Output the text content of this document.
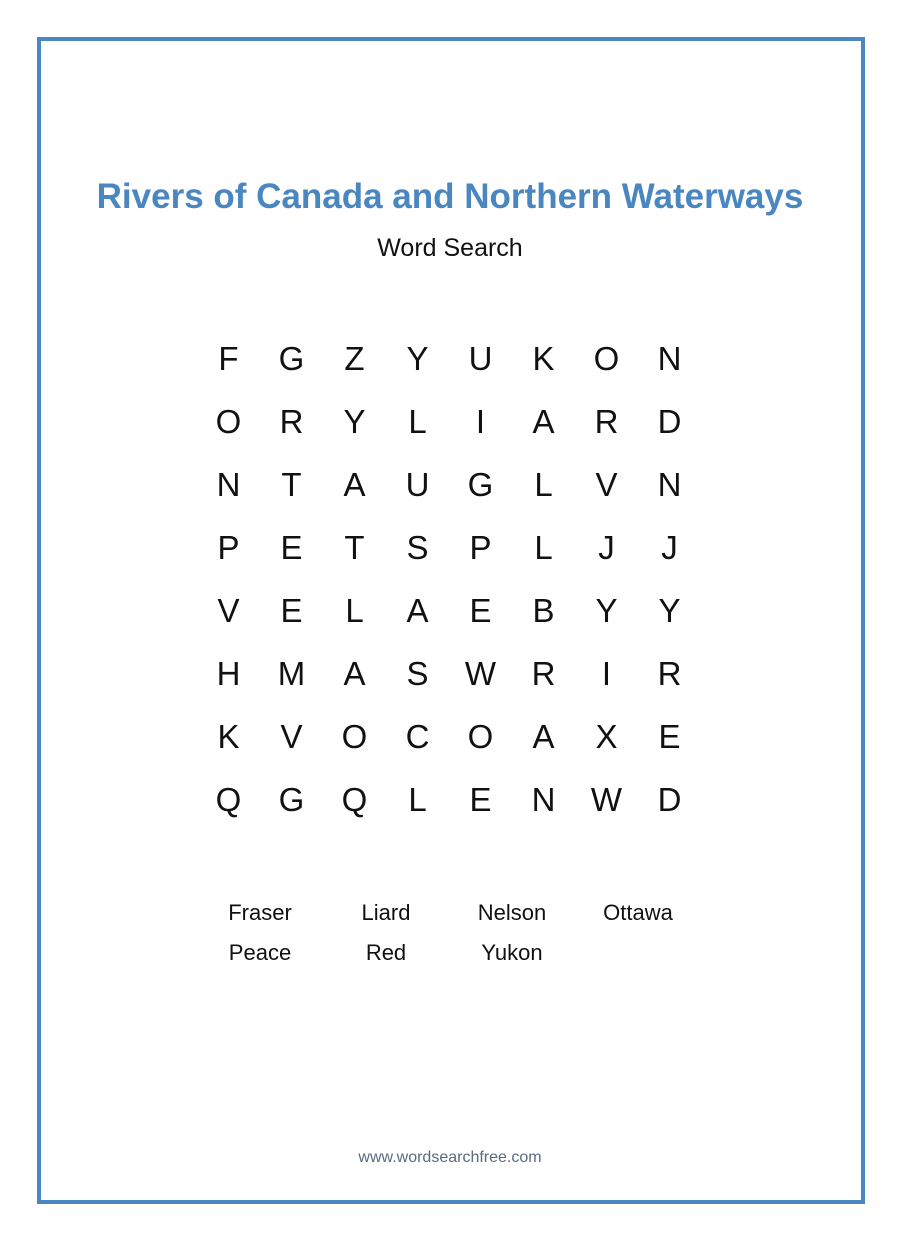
Rivers of Canada and Northern Waterways
Word Search
F	G	Z	Y	U	K	O	N
O	R	Y	L	I	A	R	D
N	T	A	U	G	L	V	N
P	E	T	S	P	L	J	J
V	E	L	A	E	B	Y	Y
H	M	A	S	W	R	I	R
K	V	O	C	O	A	X	E
Q	G	Q	L	E	N	W	D
Fraser	Liard	Nelson	Ottawa
Peace	Red	Yukon
www.wordsearchfree.com
